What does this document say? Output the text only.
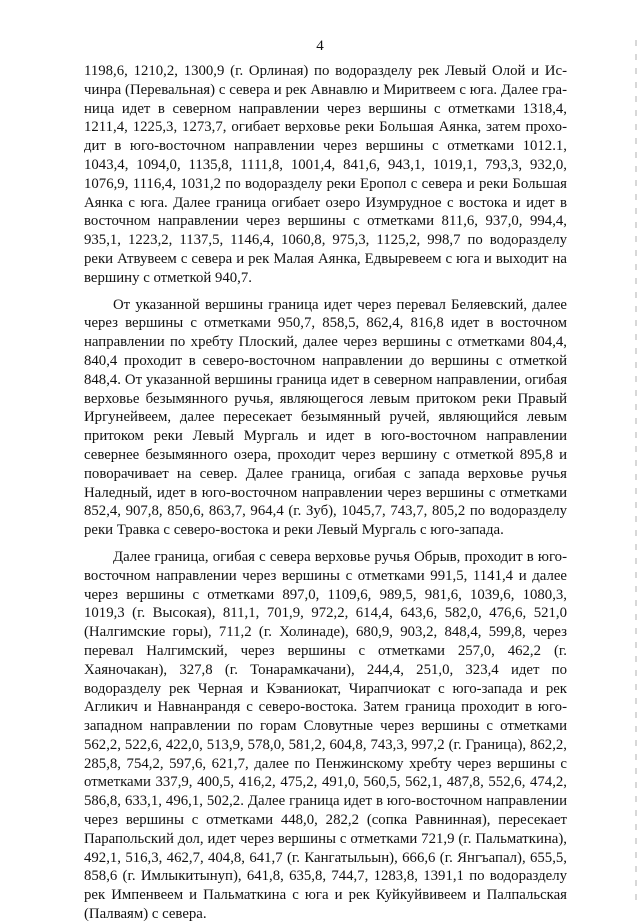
4

1198,6, 1210,2, 1300,9 (г. Орлиная) по водоразделу рек Левый Олой и Исчинра (Перевальная) с севера и рек Авнавлю и Миритвеем с юга. Далее граница идет в северном направлении через вершины с отметками 1318,4, 1211,4, 1225,3, 1273,7, огибает верховье реки Большая Аянка, затем проходит в юго-восточном направлении через вершины с отметками 1012.1, 1043,4, 1094,0, 1135,8, 1111,8, 1001,4, 841,6, 943,1, 1019,1, 793,3, 932,0, 1076,9, 1116,4, 1031,2 по водоразделу реки Еропол с севера и реки Большая Аянка с юга. Далее граница огибает озеро Изумрудное с востока и идет в восточном направлении через вершины с отметками 811,6, 937,0, 994,4, 935,1, 1223,2, 1137,5, 1146,4, 1060,8, 975,3, 1125,2, 998,7 по водоразделу реки Атвувеем с севера и рек Малая Аянка, Едвыревеем с юга и выходит на вершину с отметкой 940,7.

От указанной вершины граница идет через перевал Беляевский, далее через вершины с отметками 950,7, 858,5, 862,4, 816,8 идет в восточном направлении по хребту Плоский, далее через вершины с отметками 804,4, 840,4 проходит в северо-восточном направлении до вершины с отметкой 848,4. От указанной вершины граница идет в северном направлении, огибая верховье безымянного ручья, являющегося левым притоком реки Правый Иргунейвеем, далее пересекает безымянный ручей, являющийся левым притоком реки Левый Мургаль и идет в юго-восточном направлении севернее безымянного озера, проходит через вершину с отметкой 895,8 и поворачивает на север. Далее граница, огибая с запада верховье ручья Наледный, идет в юго-восточном направлении через вершины с отметками 852,4, 907,8, 850,6, 863,7, 964,4 (г. Зуб), 1045,7, 743,7, 805,2 по водоразделу реки Травка с северо-востока и реки Левый Мургаль с юго-запада.

Далее граница, огибая с севера верховье ручья Обрыв, проходит в юго-восточном направлении через вершины с отметками 991,5, 1141,4 и далее через вершины с отметками 897,0, 1109,6, 989,5, 981,6, 1039,6, 1080,3, 1019,3 (г. Высокая), 811,1, 701,9, 972,2, 614,4, 643,6, 582,0, 476,6, 521,0 (Налгимские горы), 711,2 (г. Холинаде), 680,9, 903,2, 848,4, 599,8, через перевал Налгимский, через вершины с отметками 257,0, 462,2 (г. Хаяночакан), 327,8 (г. Тонарамкачани), 244,4, 251,0, 323,4 идет по водоразделу рек Черная и Кэваниокат, Чирапчиокат с юго-запада и рек Агликич и Навнанрандя с северо-востока. Затем граница проходит в юго-западном направлении по горам Словутные через вершины с отметками 562,2, 522,6, 422,0, 513,9, 578,0, 581,2, 604,8, 743,3, 997,2 (г. Граница), 862,2, 285,8, 754,2, 597,6, 621,7, далее по Пенжинскому хребту через вершины с отметками 337,9, 400,5, 416,2, 475,2, 491,0, 560,5, 562,1, 487,8, 552,6, 474,2, 586,8, 633,1, 496,1, 502,2. Далее граница идет в юго-восточном направлении через вершины с отметками 448,0, 282,2 (сопка Равнинная), пересекает Парапольский дол, идет через вершины с отметками 721,9 (г. Пальматкина), 492,1, 516,3, 462,7, 404,8, 641,7 (г. Кангатыльын), 666,6 (г. Янгъапал), 655,5, 858,6 (г. Имлыкитынуп), 641,8, 635,8, 744,7, 1283,8, 1391,1 по водоразделу рек Импенвеем и Пальматкина с юга и рек Куйкуйвивеем и Палпальская (Палваям) с севера.
